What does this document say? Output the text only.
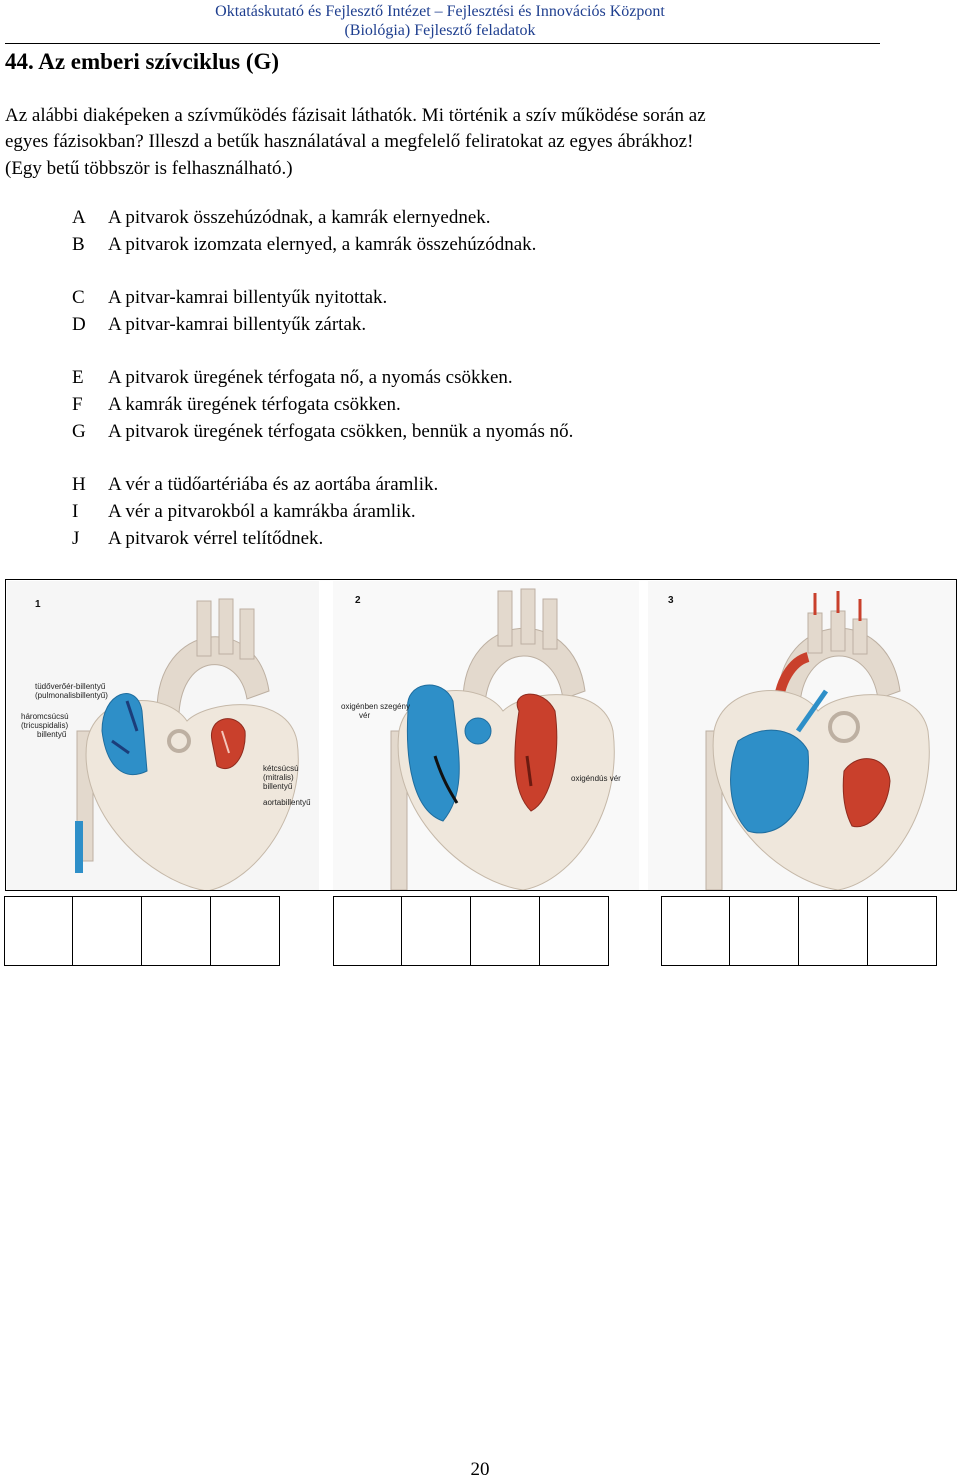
Oktatáskutató és Fejlesztő Intézet – Fejlesztési és Innovációs Központ
(Biológia) Fejlesztő feladatok
44. Az emberi szívciklus (G)
Az alábbi diaképeken a szívműködés fázisait láthatók. Mi történik a szív működése során az
egyes fázisokban? Illeszd a betűk használatával a megfelelő feliratokat az egyes ábrákhoz!
(Egy betű többször is felhasználható.)
A A pitvarok összehúzódnak, a kamrák elernyednek.
B A pitvarok izomzata elernyed, a kamrák összehúzódnak.
C A pitvar-kamrai billentyűk nyitottak.
D A pitvar-kamrai billentyűk zártak.
E A pitvarok üregének térfogata nő, a nyomás csökken.
F A kamrák üregének térfogata csökken.
G A pitvarok üregének térfogata csökken, bennük a nyomás nő.
H A vér a tüdőartériába és az aortába áramlik.
I A vér a pitvarokból a kamrákba áramlik.
J A pitvarok vérrel telítődnek.
1
tüdőverőér-billentyű
(pulmonalisbillentyű)
háromcsúcsú
(tricuspidalis)
billentyű
kétcsúcsú
(mitralis)
billentyű
aortabillentyű
2
oxigénben szegény
vér
oxigéndús vér
3
20
